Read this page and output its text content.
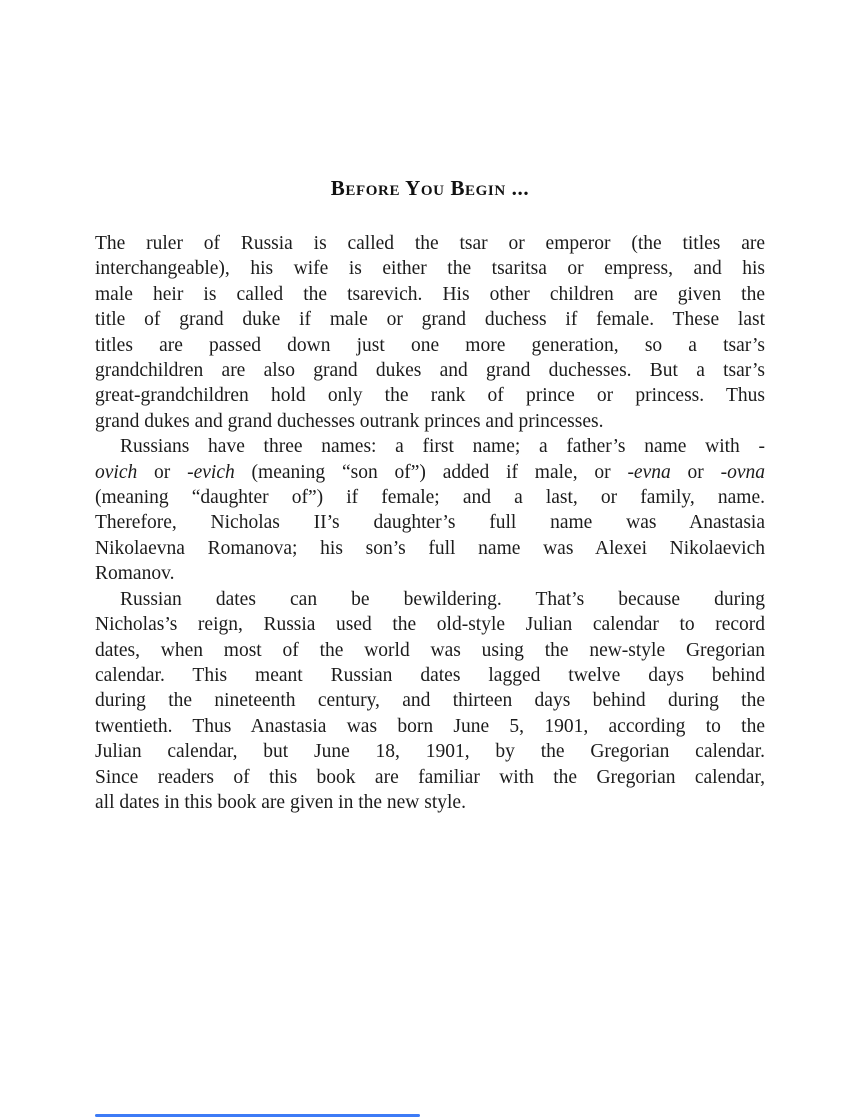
Before You Begin ...
The ruler of Russia is called the tsar or emperor (the titles are
interchangeable), his wife is either the tsaritsa or empress, and his
male heir is called the tsarevich. His other children are given the
title of grand duke if male or grand duchess if female. These last
titles are passed down just one more generation, so a tsar’s
grandchildren are also grand dukes and grand duchesses. But a tsar’s
great-grandchildren hold only the rank of prince or princess. Thus
grand dukes and grand duchesses outrank princes and princesses.
Russians have three names: a first name; a father’s name with -
ovich or -evich (meaning “son of”) added if male, or -evna or -ovna
(meaning “daughter of”) if female; and a last, or family, name.
Therefore, Nicholas II’s daughter’s full name was Anastasia
Nikolaevna Romanova; his son’s full name was Alexei Nikolaevich
Romanov.
Russian dates can be bewildering. That’s because during
Nicholas’s reign, Russia used the old-style Julian calendar to record
dates, when most of the world was using the new-style Gregorian
calendar. This meant Russian dates lagged twelve days behind
during the nineteenth century, and thirteen days behind during the
twentieth. Thus Anastasia was born June 5, 1901, according to the
Julian calendar, but June 18, 1901, by the Gregorian calendar.
Since readers of this book are familiar with the Gregorian calendar,
all dates in this book are given in the new style.
